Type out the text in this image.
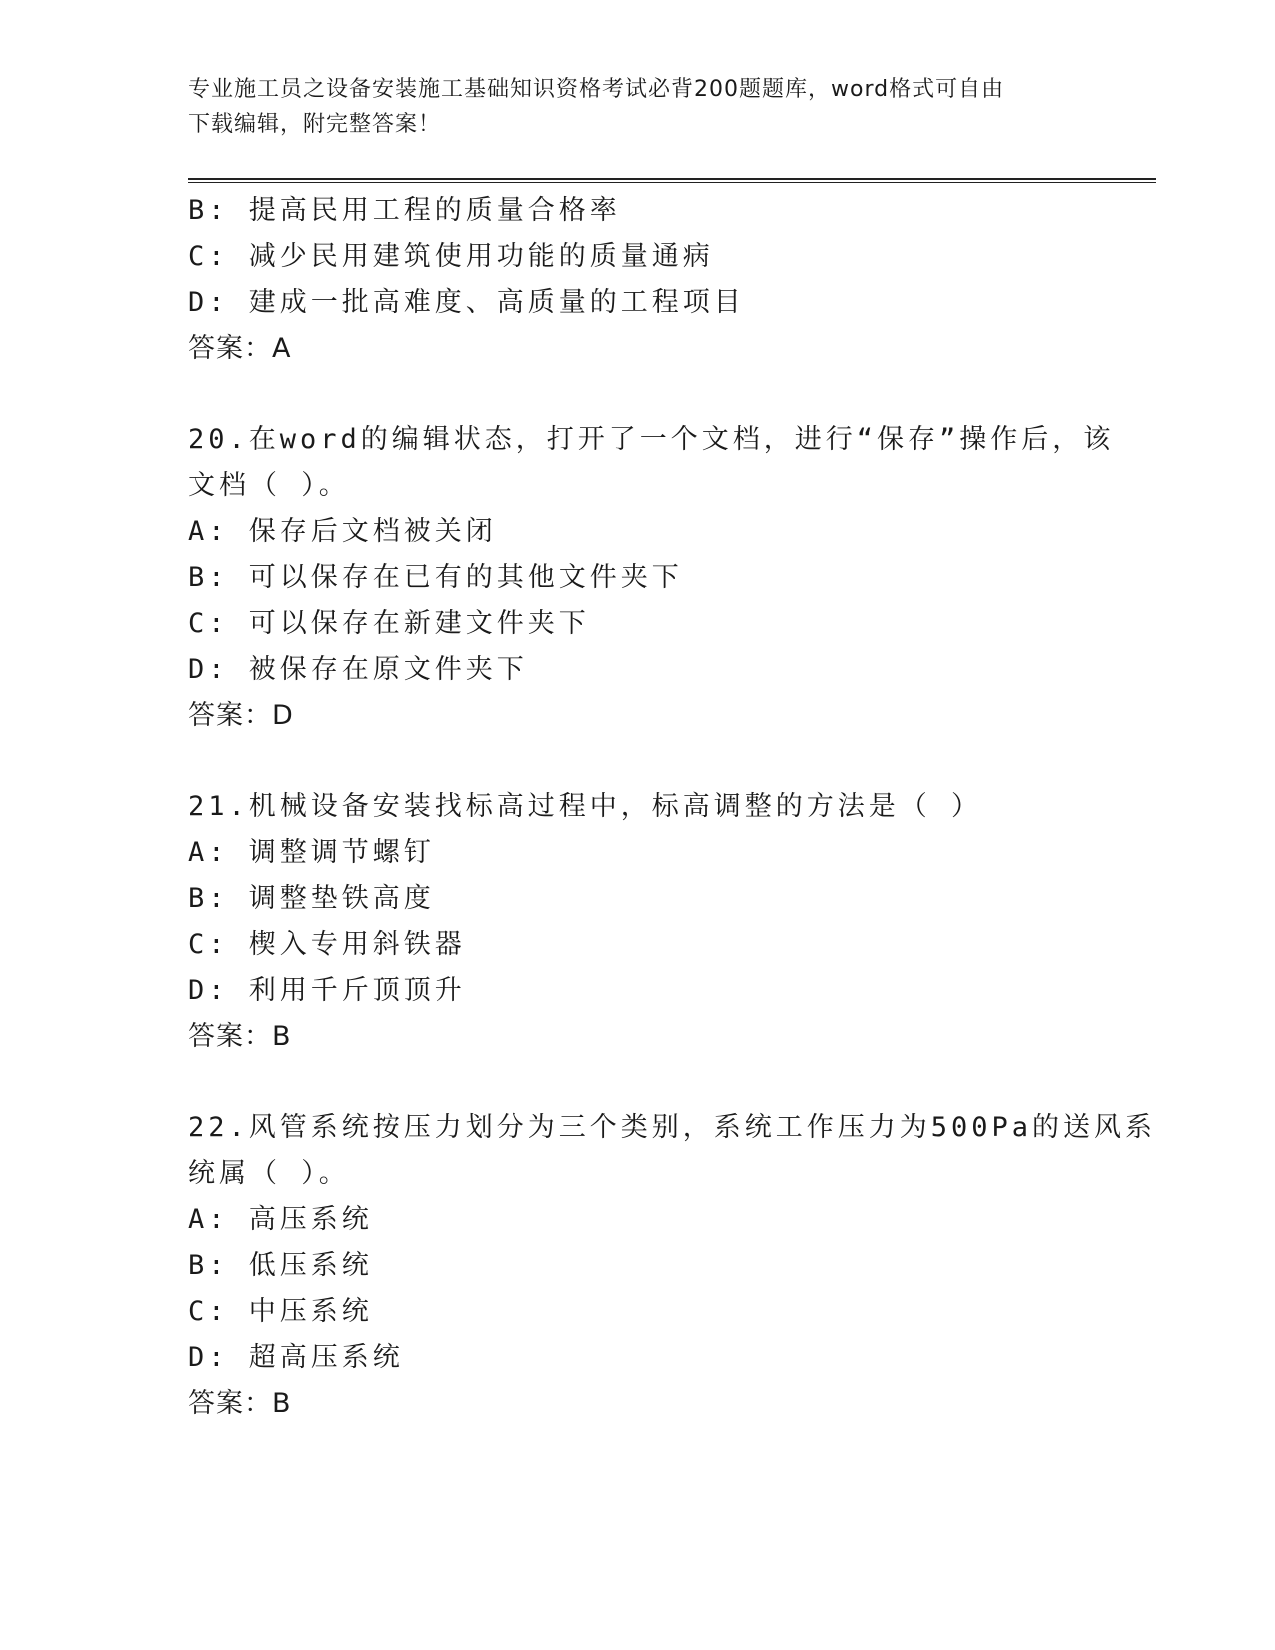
专业施工员之设备安装施工基础知识资格考试必背200题题库，word格式可自由
下载编辑，附完整答案！
B: 提高民用工程的质量合格率
C: 减少民用建筑使用功能的质量通病
D: 建成一批高难度、高质量的工程项目
答案：A
20.在word的编辑状态，打开了一个文档，进行“保存”操作后，该
文档（ ）。
A: 保存后文档被关闭
B: 可以保存在已有的其他文件夹下
C: 可以保存在新建文件夹下
D: 被保存在原文件夹下
答案：D
21.机械设备安装找标高过程中，标高调整的方法是（ ）
A: 调整调节螺钉
B: 调整垫铁高度
C: 楔入专用斜铁器
D: 利用千斤顶顶升
答案：B
22.风管系统按压力划分为三个类别，系统工作压力为500Pa的送风系
统属（ ）。
A: 高压系统
B: 低压系统
C: 中压系统
D: 超高压系统
答案：B
